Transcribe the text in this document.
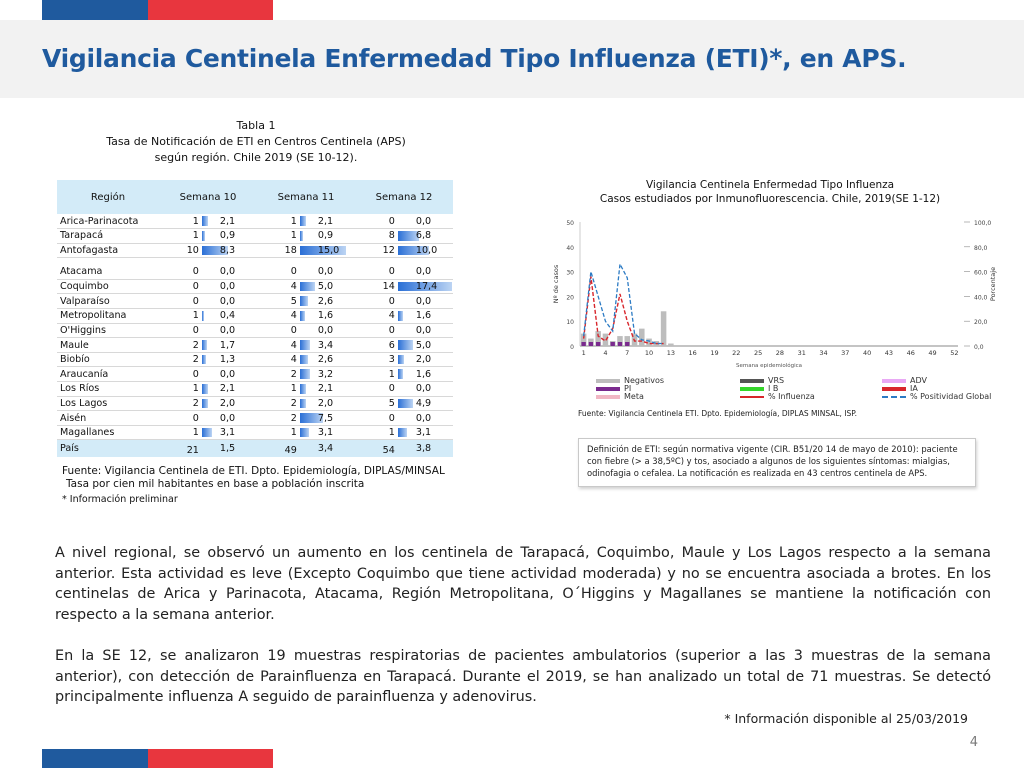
Vigilancia Centinela Enfermedad Tipo Influenza (ETI)*, en APS.
Tabla 1
Tasa de Notificación de ETI en Centros Centinela (APS)
según región. Chile 2019 (SE 10-12).
Región	Semana 10		Semana 11		Semana 12	
Arica-Parinacota	1	2,1	1	2,1	0	0,0
Tarapacá	1	0,9	1	0,9	8	6,8
Antofagasta	10	8,3	18	15,0	12	10,0

Atacama	0	0,0	0	0,0	0	0,0
Coquimbo	0	0,0	4	5,0	14	17,4
Valparaíso	0	0,0	5	2,6	0	0,0
Metropolitana	1	0,4	4	1,6	4	1,6
O'Higgins	0	0,0	0	0,0	0	0,0
Maule	2	1,7	4	3,4	6	5,0
Biobío	2	1,3	4	2,6	3	2,0
Araucanía	0	0,0	2	3,2	1	1,6
Los Ríos	1	2,1	1	2,1	0	0,0
Los Lagos	2	2,0	2	2,0	5	4,9
Aisén	0	0,0	2	7,5	0	0,0
Magallanes	1	3,1	1	3,1	1	3,1
País	21	1,5	49	3,4	54	3,8
Fuente: Vigilancia Centinela de ETI. Dpto. Epidemiología, DIPLAS/MINSAL
Tasa por cien mil habitantes en base a población inscrita
* Información preliminar
Vigilancia Centinela Enfermedad Tipo Influenza
Casos estudiados por Inmunofluorescencia. Chile, 2019(SE 1-12)
50
40
30
20
10
0
100,0
80,0
60,0
40,0
20,0
0,0
1	4	7 10 13 16 19 22 25 28 31 34 37 40 43 46 49 52
Nº de casos	Porcentaje
Semana epidemiológica
Negativos	VRS	ADV
PI	I B	IA
Meta	% Influenza	% Positividad Global
Fuente: Vigilancia Centinela ETI. Dpto. Epidemiología, DIPLAS MINSAL, ISP.
Definición de ETI: según normativa vigente (CIR. B51/20 14 de mayo de 2010): paciente con fiebre (> a 38,5ºC) y tos, asociado a algunos de los siguientes síntomas: mialgias, odinofagia o cefalea. La notificación es realizada en 43 centros centinela de APS.
A nivel regional, se observó un aumento en los centinela de Tarapacá, Coquimbo, Maule y Los Lagos respecto a la semana anterior. Esta actividad es leve (Excepto Coquimbo que tiene actividad moderada) y no se encuentra asociada a brotes. En los centinelas de Arica y Parinacota, Atacama, Región Metropolitana, O´Higgins y Magallanes se mantiene la notificación con respecto a la semana anterior.
En la SE 12, se analizaron 19 muestras respiratorias de pacientes ambulatorios (superior a las 3 muestras de la semana anterior), con detección de Parainfluenza en Tarapacá. Durante el 2019, se han analizado un total de 71 muestras. Se detectó principalmente influenza A seguido de parainfluenza y adenovirus.
* Información disponible al 25/03/2019
4
